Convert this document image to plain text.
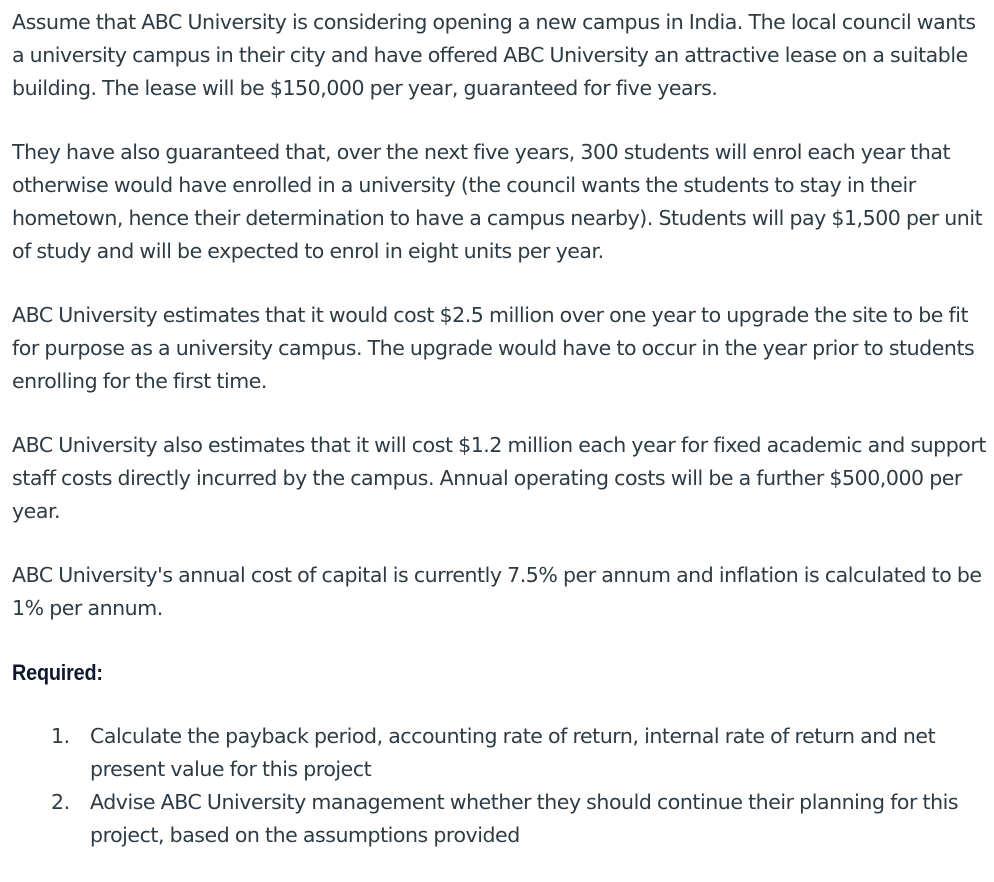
Assume that ABC University is considering opening a new campus in India. The local council wants a university campus in their city and have offered ABC University an attractive lease on a suitable building. The lease will be $150,000 per year, guaranteed for five years.

They have also guaranteed that, over the next five years, 300 students will enrol each year that otherwise would have enrolled in a university (the council wants the students to stay in their hometown, hence their determination to have a campus nearby). Students will pay $1,500 per unit of study and will be expected to enrol in eight units per year.

ABC University estimates that it would cost $2.5 million over one year to upgrade the site to be fit for purpose as a university campus. The upgrade would have to occur in the year prior to students enrolling for the first time.

ABC University also estimates that it will cost $1.2 million each year for fixed academic and support staff costs directly incurred by the campus. Annual operating costs will be a further $500,000 per year.

ABC University's annual cost of capital is currently 7.5% per annum and inflation is calculated to be 1% per annum.

Required:
1. Calculate the payback period, accounting rate of return, internal rate of return and net present value for this project
2. Advise ABC University management whether they should continue their planning for this project, based on the assumptions provided
